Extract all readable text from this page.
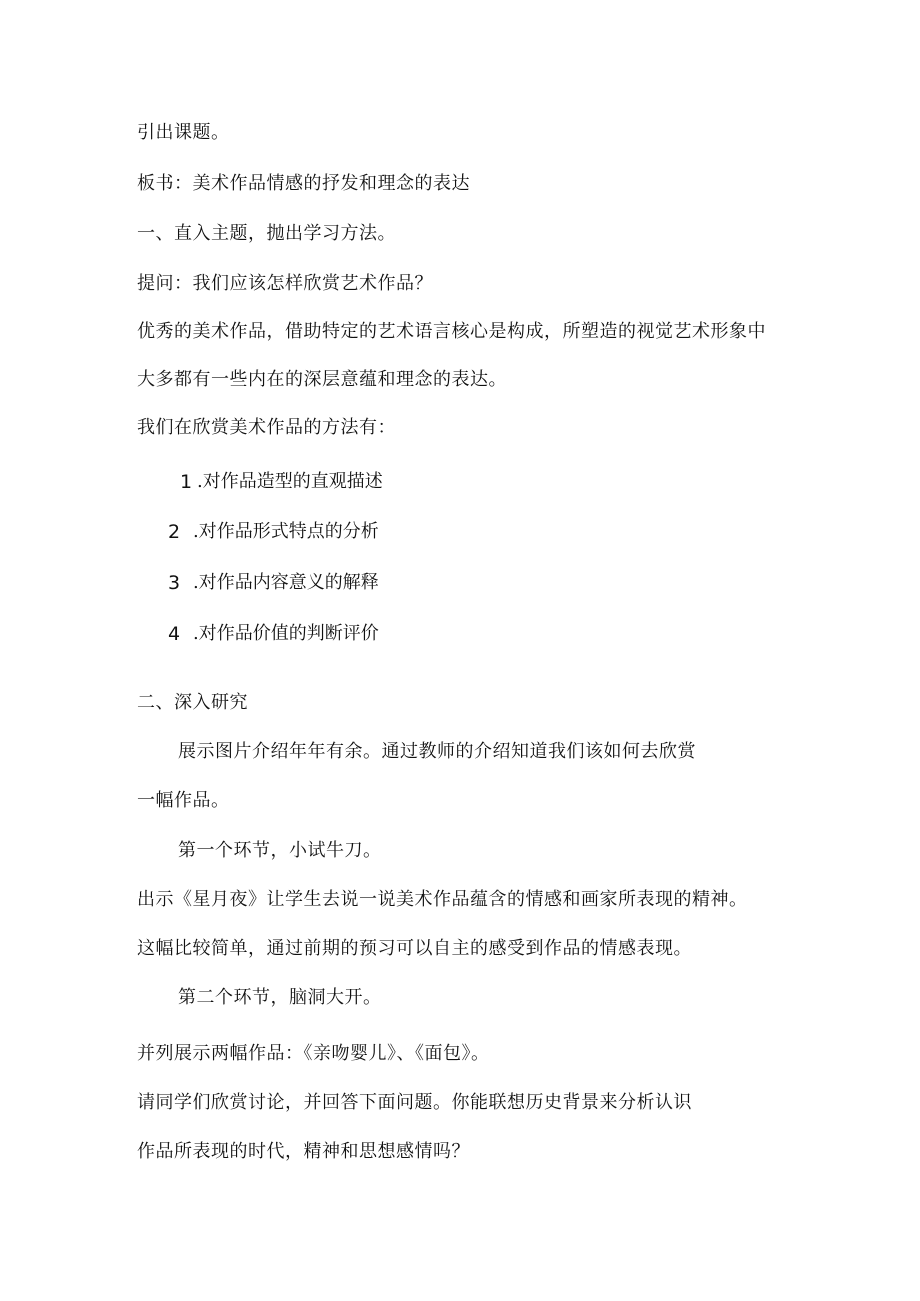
引出课题。
板书：美术作品情感的抒发和理念的表达
一、直入主题，抛出学习方法。
提问：我们应该怎样欣赏艺术作品？
优秀的美术作品，借助特定的艺术语言核心是构成，所塑造的视觉艺术形象中
大多都有一些内在的深层意蕴和理念的表达。
我们在欣赏美术作品的方法有：
1 .对作品造型的直观描述
2 .对作品形式特点的分析
3 .对作品内容意义的解释
4 .对作品价值的判断评价
二、深入研究
展示图片介绍年年有余。通过教师的介绍知道我们该如何去欣赏
一幅作品。
第一个环节，小试牛刀。
出示《星月夜》让学生去说一说美术作品蕴含的情感和画家所表现的精神。
这幅比较简单，通过前期的预习可以自主的感受到作品的情感表现。
第二个环节，脑洞大开。
并列展示两幅作品：《亲吻婴儿》、《面包》。
请同学们欣赏讨论，并回答下面问题。你能联想历史背景来分析认识
作品所表现的时代，精神和思想感情吗？
